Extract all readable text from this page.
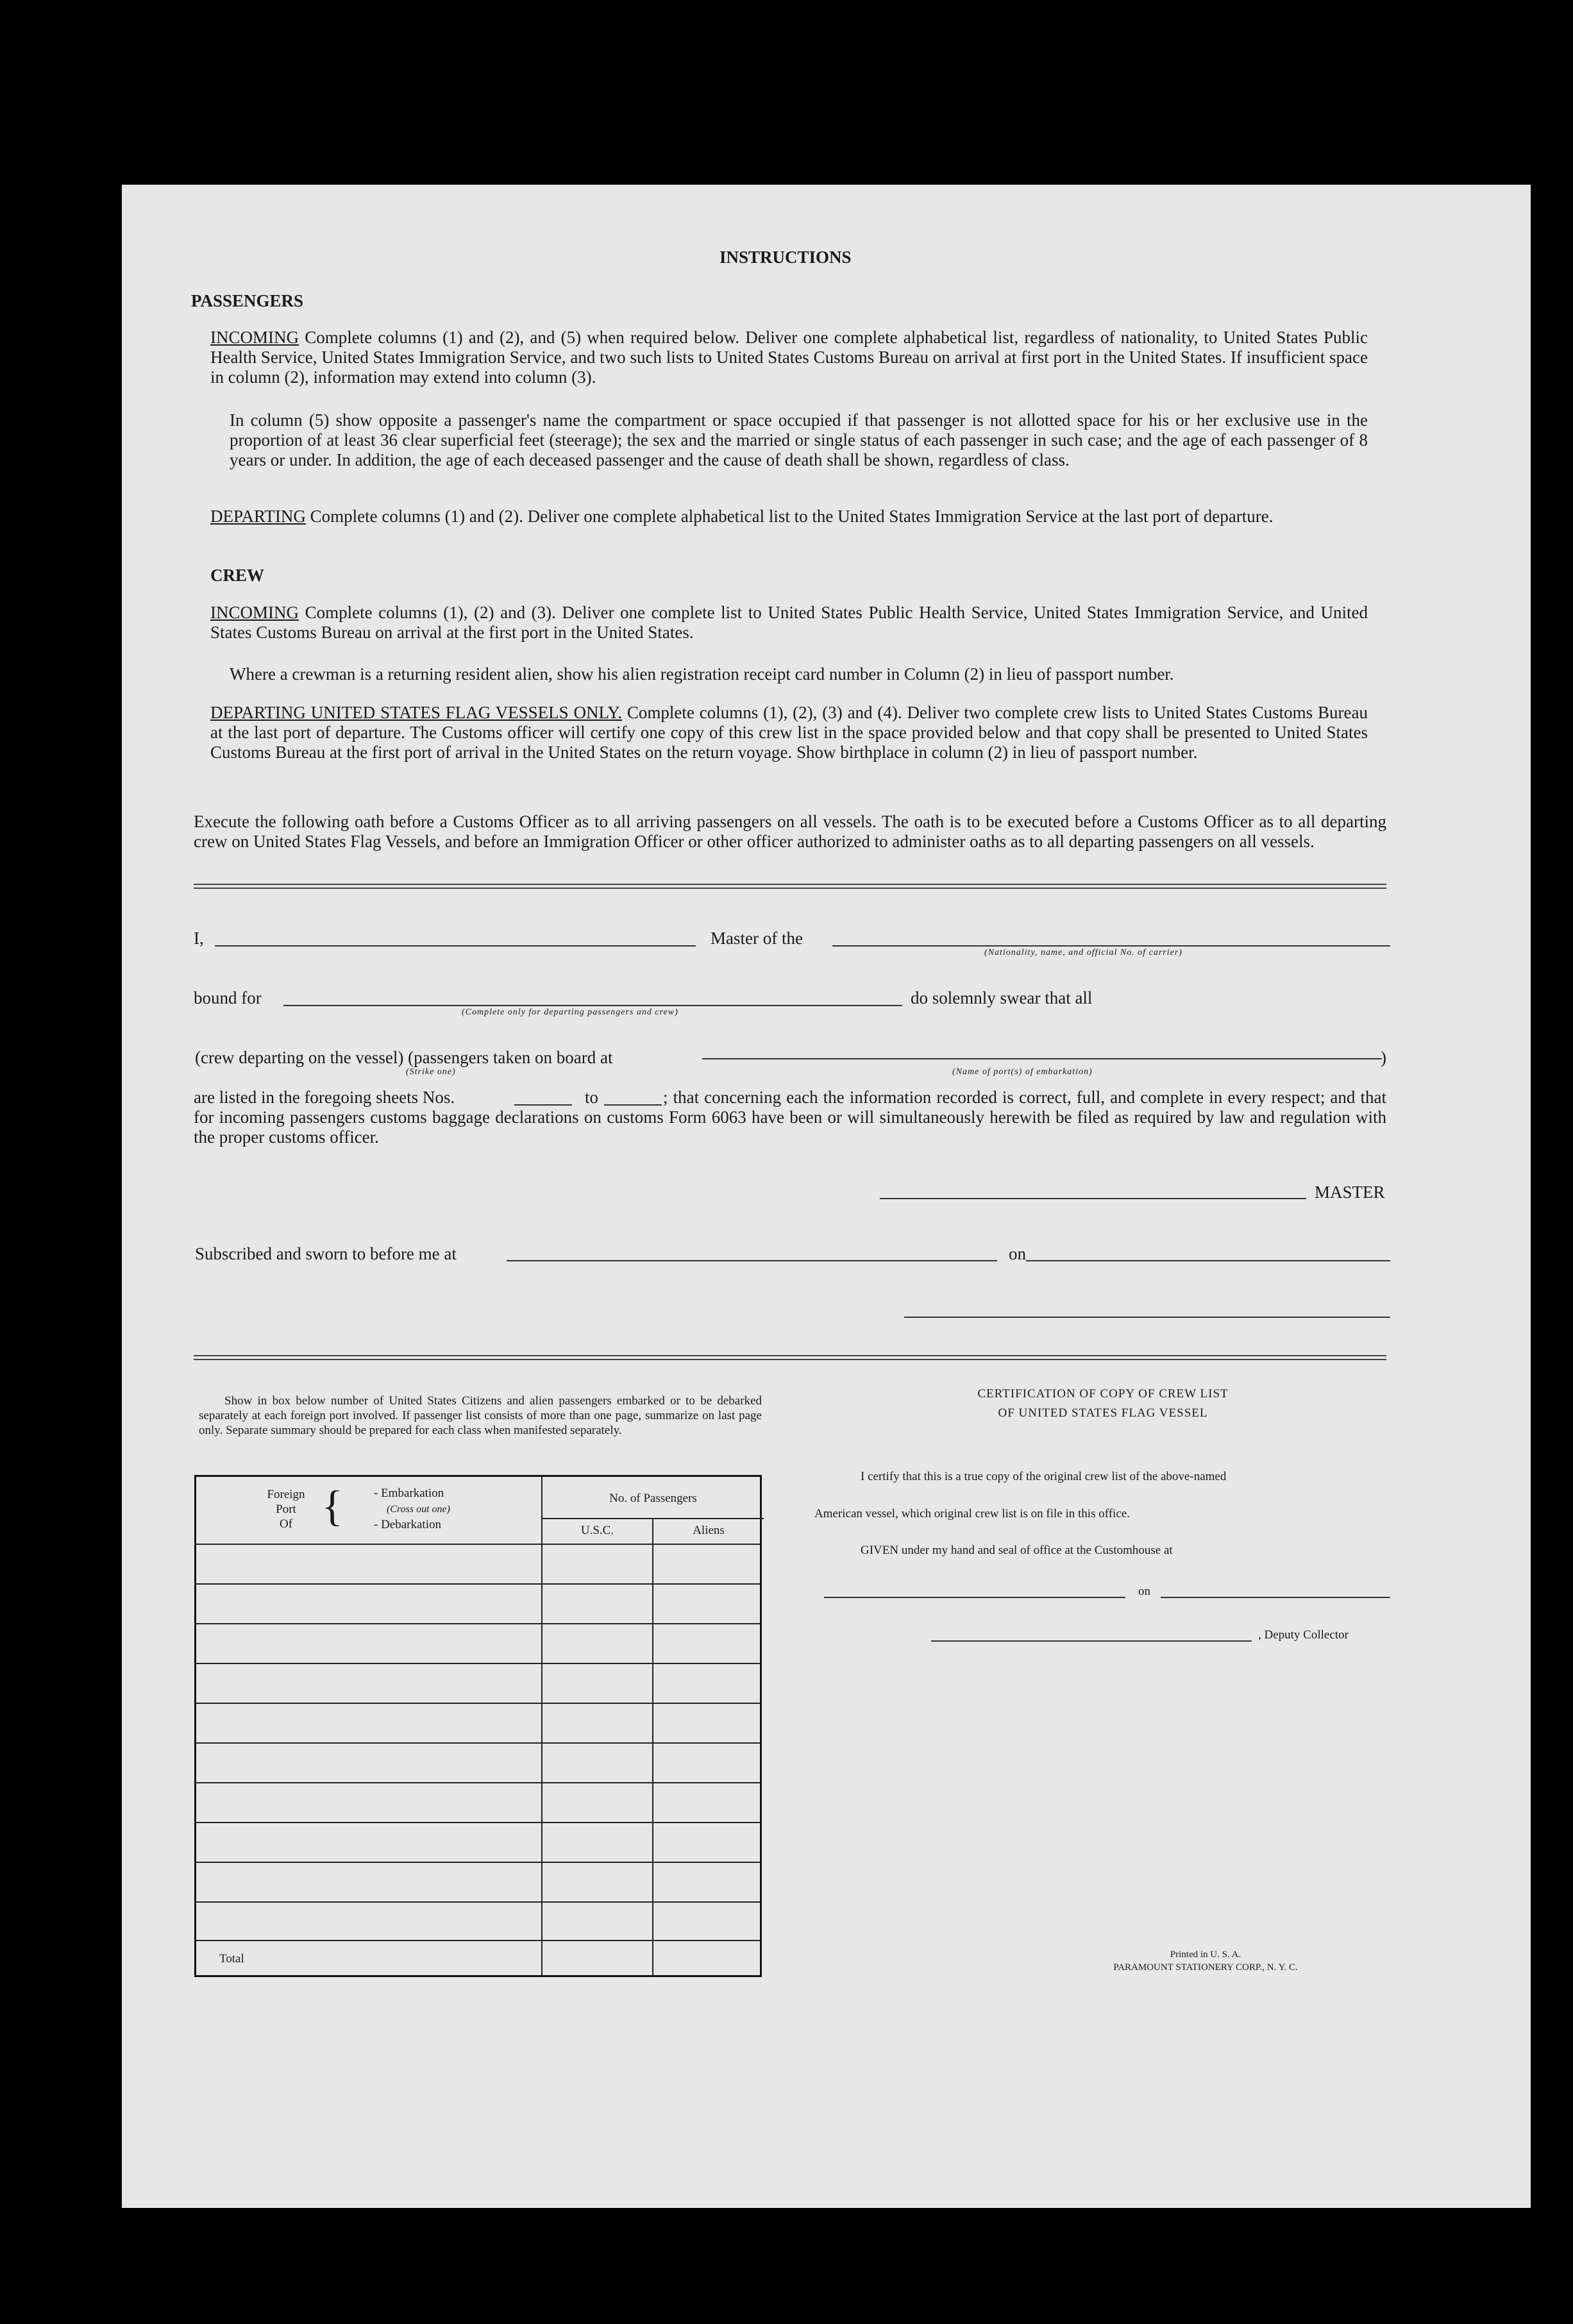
INSTRUCTIONS
PASSENGERS
INCOMING Complete columns (1) and (2), and (5) when required below. Deliver one complete alphabetical list, regardless of nationality, to United States Public Health Service, United States Immigration Service, and two such lists to United States Customs Bureau on arrival at first port in the United States. If insufficient space in column (2), information may extend into column (3).
In column (5) show opposite a passenger's name the compartment or space occupied if that passenger is not allotted space for his or her exclusive use in the proportion of at least 36 clear superficial feet (steerage); the sex and the married or single status of each passenger in such case; and the age of each passenger of 8 years or under. In addition, the age of each deceased passenger and the cause of death shall be shown, regardless of class.
DEPARTING Complete columns (1) and (2). Deliver one complete alphabetical list to the United States Immigration Service at the last port of departure.
CREW
INCOMING Complete columns (1), (2) and (3). Deliver one complete list to United States Public Health Service, United States Immigration Service, and United States Customs Bureau on arrival at the first port in the United States.
Where a crewman is a returning resident alien, show his alien registration receipt card number in Column (2) in lieu of passport number.
DEPARTING UNITED STATES FLAG VESSELS ONLY. Complete columns (1), (2), (3) and (4). Deliver two complete crew lists to United States Customs Bureau at the last port of departure. The Customs officer will certify one copy of this crew list in the space provided below and that copy shall be presented to United States Customs Bureau at the first port of arrival in the United States on the return voyage. Show birthplace in column (2) in lieu of passport number.
Execute the following oath before a Customs Officer as to all arriving passengers on all vessels. The oath is to be executed before a Customs Officer as to all departing crew on United States Flag Vessels, and before an Immigration Officer or other officer authorized to administer oaths as to all departing passengers on all vessels.
I,	Master of the
(Nationality, name, and official No. of carrier)
bound for
(Complete only for departing passengers and crew)
do solemnly swear that all
(crew departing on the vessel) (passengers taken on board at
(Strike one)
)
(Name of port(s) of embarkation)
are listed in the foregoing sheets Nos.	to	; that concerning each the information recorded is correct, full, and complete in every respect; and that for incoming passengers customs baggage declarations on customs Form 6063 have been or will simultaneously herewith be filed as required by law and regulation with the proper customs officer.
MASTER
Subscribed and sworn to before me at	on
Show in box below number of United States Citizens and alien passengers embarked or to be debarked separately at each foreign port involved. If passenger list consists of more than one page, summarize on last page only. Separate summary should be prepared for each class when manifested separately.
Foreign
Port
Of {	- Embarkation
(Cross out one)
- Debarkation
No. of Passengers
U.S.C.	Aliens
Total
CERTIFICATION OF COPY OF CREW LIST
OF UNITED STATES FLAG VESSEL
I certify that this is a true copy of the original crew list of the above-named
American vessel, which original crew list is on file in this office.
GIVEN under my hand and seal of office at the Customhouse at
on
, Deputy Collector
Printed in U. S. A.
PARAMOUNT STATIONERY CORP., N. Y. C.
